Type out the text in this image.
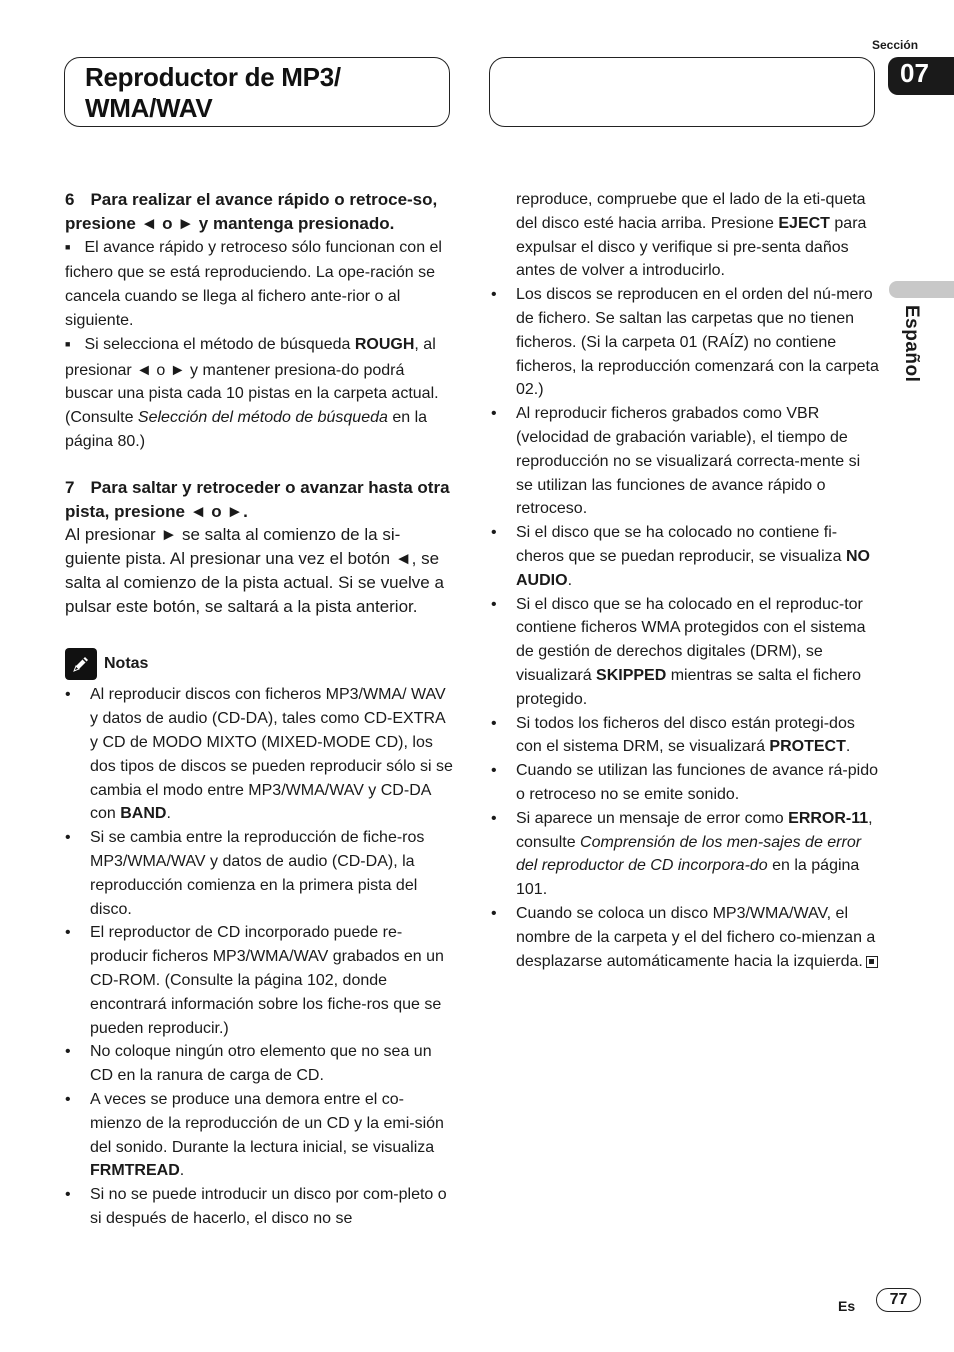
Reproductor de MP3/
WMA/WAV
Sección
07
Español
6 Para realizar el avance rápido o retroce-so, presione ◄ o ► y mantenga presionado.

■ El avance rápido y retroceso sólo funcionan con el fichero que se está reproduciendo. La ope-ración se cancela cuando se llega al fichero ante-rior o al siguiente.

■ Si selecciona el método de búsqueda ROUGH, al presionar ◄ o ► y mantener presiona-do podrá buscar una pista cada 10 pistas en la carpeta actual. (Consulte Selección del método de búsqueda en la página 80.)

7 Para saltar y retroceder o avanzar hasta otra pista, presione ◄ o ►.

Al presionar ► se salta al comienzo de la si-guiente pista. Al presionar una vez el botón ◄, se salta al comienzo de la pista actual. Si se vuelve a pulsar este botón, se saltará a la pista anterior.

Notas
• Al reproducir discos con ficheros MP3/WMA/ WAV y datos de audio (CD-DA), tales como CD-EXTRA y CD de MODO MIXTO (MIXED-MODE CD), los dos tipos de discos se pueden reproducir sólo si se cambia el modo entre MP3/WMA/WAV y CD-DA con BAND.
• Si se cambia entre la reproducción de fiche-ros MP3/WMA/WAV y datos de audio (CD-DA), la reproducción comienza en la primera pista del disco.
• El reproductor de CD incorporado puede re-producir ficheros MP3/WMA/WAV grabados en un CD-ROM. (Consulte la página 102, donde encontrará información sobre los fiche-ros que se pueden reproducir.)
• No coloque ningún otro elemento que no sea un CD en la ranura de carga de CD.
• A veces se produce una demora entre el co-mienzo de la reproducción de un CD y la emi-sión del sonido. Durante la lectura inicial, se visualiza FRMTREAD.
• Si no se puede introducir un disco por com-pleto o si después de hacerlo, el disco no se

reproduce, compruebe que el lado de la eti-queta del disco esté hacia arriba. Presione EJECT para expulsar el disco y verifique si pre-senta daños antes de volver a introducirlo.

• Los discos se reproducen en el orden del nú-mero de fichero. Se saltan las carpetas que no tienen ficheros. (Si la carpeta 01 (RAÍZ) no contiene ficheros, la reproducción comenzará con la carpeta 02.)
• Al reproducir ficheros grabados como VBR (velocidad de grabación variable), el tiempo de reproducción no se visualizará correcta-mente si se utilizan las funciones de avance rápido o retroceso.
• Si el disco que se ha colocado no contiene fi-cheros que se puedan reproducir, se visualiza NO AUDIO.
• Si el disco que se ha colocado en el reproduc-tor contiene ficheros WMA protegidos con el sistema de gestión de derechos digitales (DRM), se visualizará SKIPPED mientras se salta el fichero protegido.
• Si todos los ficheros del disco están protegi-dos con el sistema DRM, se visualizará PROTECT.
• Cuando se utilizan las funciones de avance rá-pido o retroceso no se emite sonido.
• Si aparece un mensaje de error como ERROR-11, consulte Comprensión de los men-sajes de error del reproductor de CD incorpora-do en la página 101.
• Cuando se coloca un disco MP3/WMA/WAV, el nombre de la carpeta y el del fichero co-mienzan a desplazarse automáticamente hacia la izquierda.
Es	77
